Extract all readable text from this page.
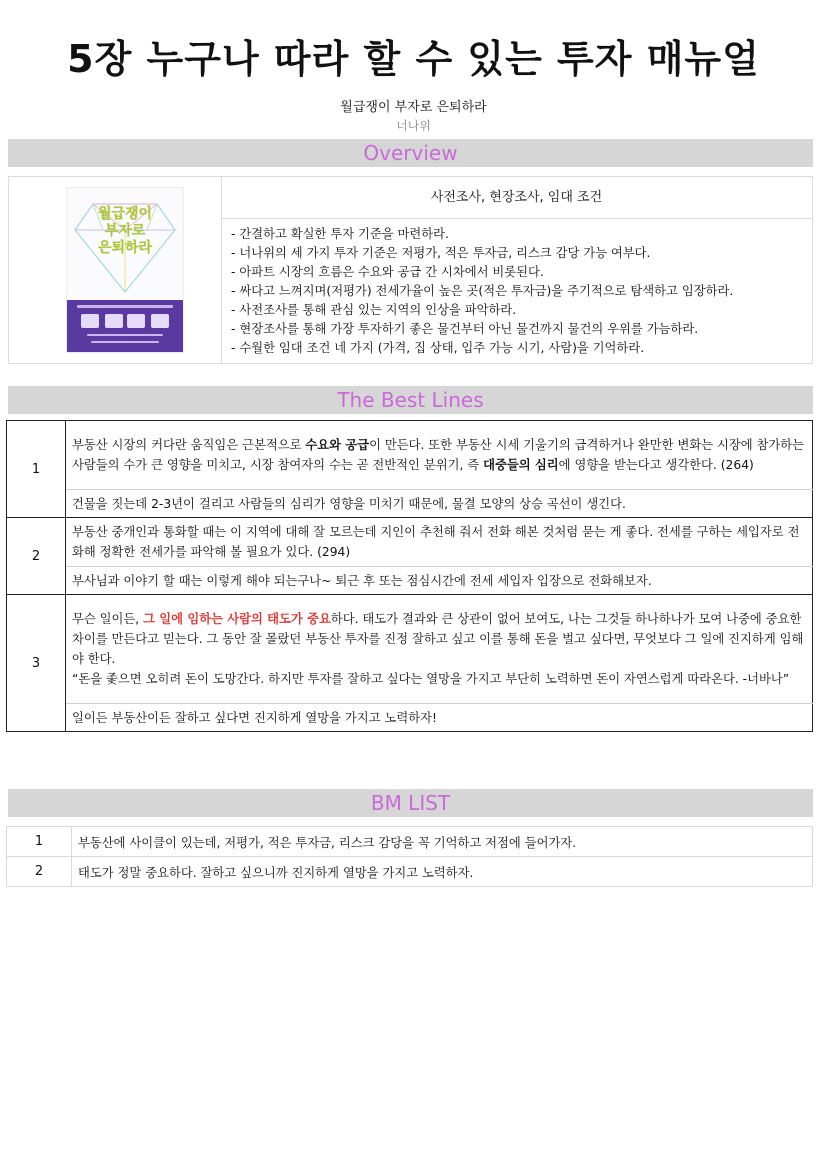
5장 누구나 따라 할 수 있는 투자 매뉴얼
월급쟁이 부자로 은퇴하라
너나위
Overview
월급쟁이
부자로
은퇴하라
사전조사, 현장조사, 임대 조건
- 간결하고 확실한 투자 기준을 마련하라.
- 너나위의 세 가지 투자 기준은 저평가, 적은 투자금, 리스크 감당 가능 여부다.
- 아파트 시장의 흐름은 수요와 공급 간 시차에서 비롯된다.
- 싸다고 느껴지며(저평가) 전세가율이 높은 곳(적은 투자금)을 주기적으로 탐색하고 임장하라.
- 사전조사를 통해 관심 있는 지역의 인상을 파악하라.
- 현장조사를 통해 가장 투자하기 좋은 물건부터 아닌 물건까지 물건의 우위를 가늠하라.
- 수월한 임대 조건 네 가지 (가격, 집 상태, 입주 가능 시기, 사람)을 기억하라.
The Best Lines
1	부동산 시장의 커다란 움직임은 근본적으로 수요와 공급이 만든다. 또한 부동산 시세 기울기의 급격하거나 완만한 변화는 시장에 참가하는 사람들의 수가 큰 영향을 미치고, 시장 참여자의 수는 곧 전반적인 분위기, 즉 대중들의 심리에 영향을 받는다고 생각한다. (264)
	건물을 짓는데 2-3년이 걸리고 사람들의 심리가 영향을 미치기 때문에, 물결 모양의 상승 곡선이 생긴다.
2	부동산 중개인과 통화할 때는 이 지역에 대해 잘 모르는데 지인이 추천해 줘서 전화 해본 것처럼 묻는 게 좋다. 전세를 구하는 세입자로 전화해 정확한 전세가를 파악해 볼 필요가 있다. (294)
	부사님과 이야기 할 때는 이렇게 해야 되는구나~ 퇴근 후 또는 점심시간에 전세 세입자 입장으로 전화해보자.
3	무슨 일이든, 그 일에 임하는 사람의 태도가 중요하다. 태도가 결과와 큰 상관이 없어 보여도, 나는 그것들 하나하나가 모여 나중에 중요한 차이를 만든다고 믿는다. 그 동안 잘 몰랐던 부동산 투자를 진정 잘하고 싶고 이를 통해 돈을 벌고 싶다면, 무엇보다 그 일에 진지하게 임해야 한다.
“돈을 좇으면 오히려 돈이 도망간다. 하지만 투자를 잘하고 싶다는 열망을 가지고 부단히 노력하면 돈이 자연스럽게 따라온다. -너바나”
	일이든 부동산이든 잘하고 싶다면 진지하게 열망을 가지고 노력하자!
BM LIST
1	부동산에 사이클이 있는데, 저평가, 적은 투자금, 리스크 감당을 꼭 기억하고 저점에 들어가자.
2	태도가 정말 중요하다. 잘하고 싶으니까 진지하게 열망을 가지고 노력하자.
